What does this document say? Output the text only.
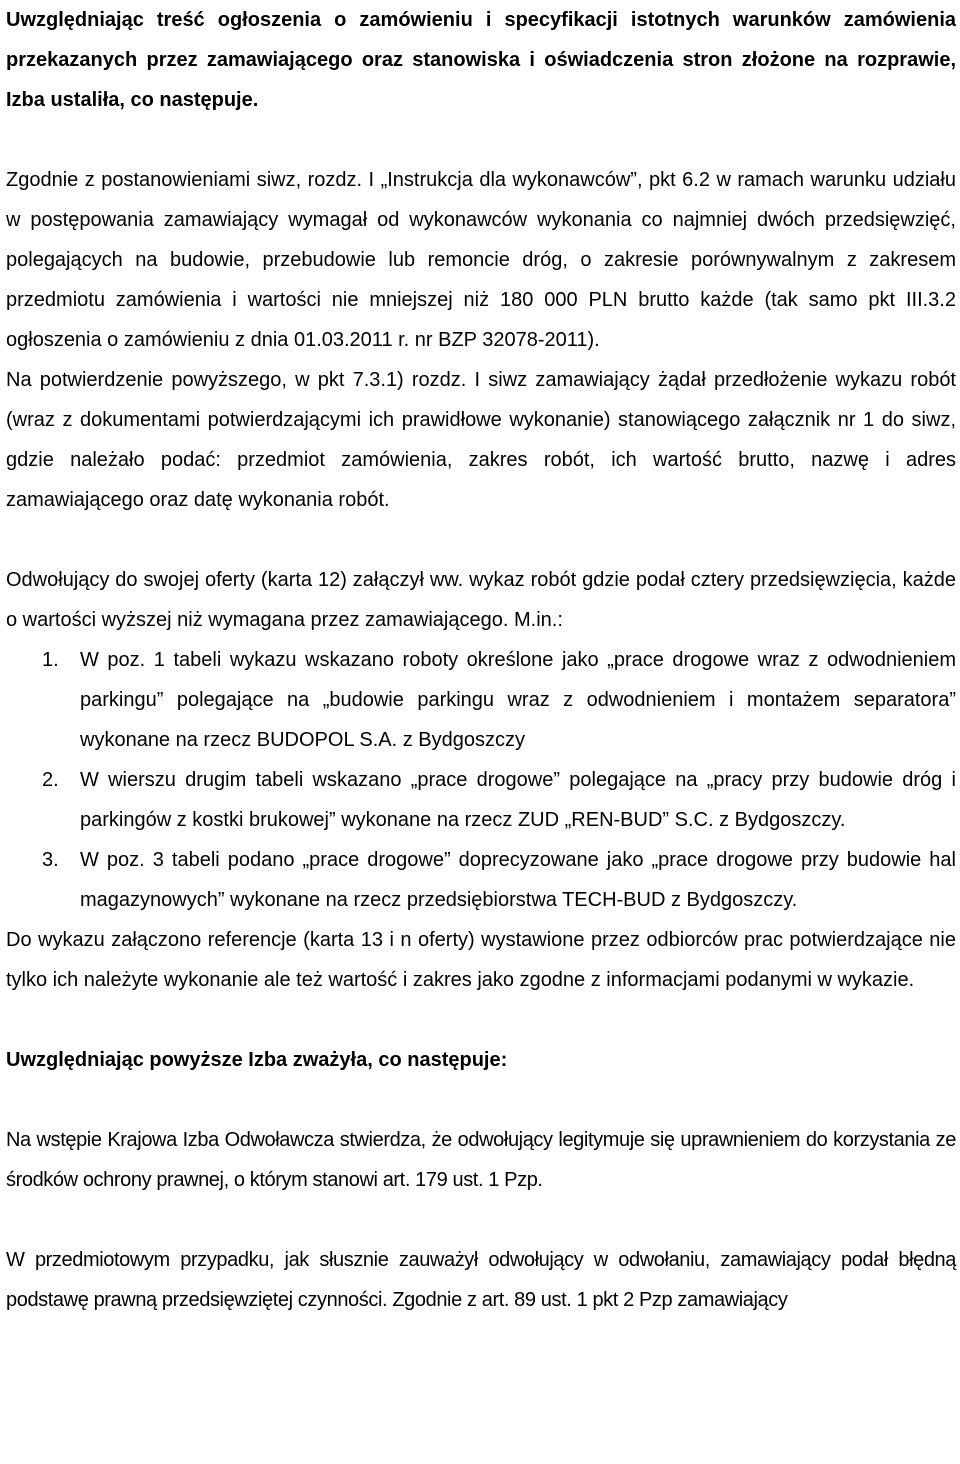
Uwzględniając treść ogłoszenia o zamówieniu i specyfikacji istotnych warunków zamówienia przekazanych przez zamawiającego oraz stanowiska i oświadczenia stron złożone na rozprawie, Izba ustaliła, co następuje.

Zgodnie z postanowieniami siwz, rozdz. I „Instrukcja dla wykonawców”, pkt 6.2 w ramach warunku udziału w postępowania zamawiający wymagał od wykonawców wykonania co najmniej dwóch przedsięwzięć, polegających na budowie, przebudowie lub remoncie dróg, o zakresie porównywalnym z zakresem przedmiotu zamówienia i wartości nie mniejszej niż 180 000 PLN brutto każde (tak samo pkt III.3.2 ogłoszenia o zamówieniu z dnia 01.03.2011 r. nr BZP 32078-2011).

Na potwierdzenie powyższego, w pkt 7.3.1) rozdz. I siwz zamawiający żądał przedłożenie wykazu robót (wraz z dokumentami potwierdzającymi ich prawidłowe wykonanie) stanowiącego załącznik nr 1 do siwz, gdzie należało podać: przedmiot zamówienia, zakres robót, ich wartość brutto, nazwę i adres zamawiającego oraz datę wykonania robót.

Odwołujący do swojej oferty (karta 12) załączył ww. wykaz robót gdzie podał cztery przedsięwzięcia, każde o wartości wyższej niż wymagana przez zamawiającego. M.in.:

1. W poz. 1 tabeli wykazu wskazano roboty określone jako „prace drogowe wraz z odwodnieniem parkingu” polegające na „budowie parkingu wraz z odwodnieniem i montażem separatora” wykonane na rzecz BUDOPOL S.A. z Bydgoszczy
2. W wierszu drugim tabeli wskazano „prace drogowe” polegające na „pracy przy budowie dróg i parkingów z kostki brukowej” wykonane na rzecz ZUD „REN-BUD” S.C. z Bydgoszczy.
3. W poz. 3 tabeli podano „prace drogowe” doprecyzowane jako „prace drogowe przy budowie hal magazynowych” wykonane na rzecz przedsiębiorstwa TECH-BUD z Bydgoszczy.

Do wykazu załączono referencje (karta 13 i n oferty) wystawione przez odbiorców prac potwierdzające nie tylko ich należyte wykonanie ale też wartość i zakres jako zgodne z informacjami podanymi w wykazie.

Uwzględniając powyższe Izba zważyła, co następuje:

Na wstępie Krajowa Izba Odwoławcza stwierdza, że odwołujący legitymuje się uprawnieniem do korzystania ze środków ochrony prawnej, o którym stanowi art. 179 ust. 1 Pzp.

W przedmiotowym przypadku, jak słusznie zauważył odwołujący w odwołaniu, zamawiający podał błędną podstawę prawną przedsięwziętej czynności. Zgodnie z art. 89 ust. 1 pkt 2 Pzp zamawiający
